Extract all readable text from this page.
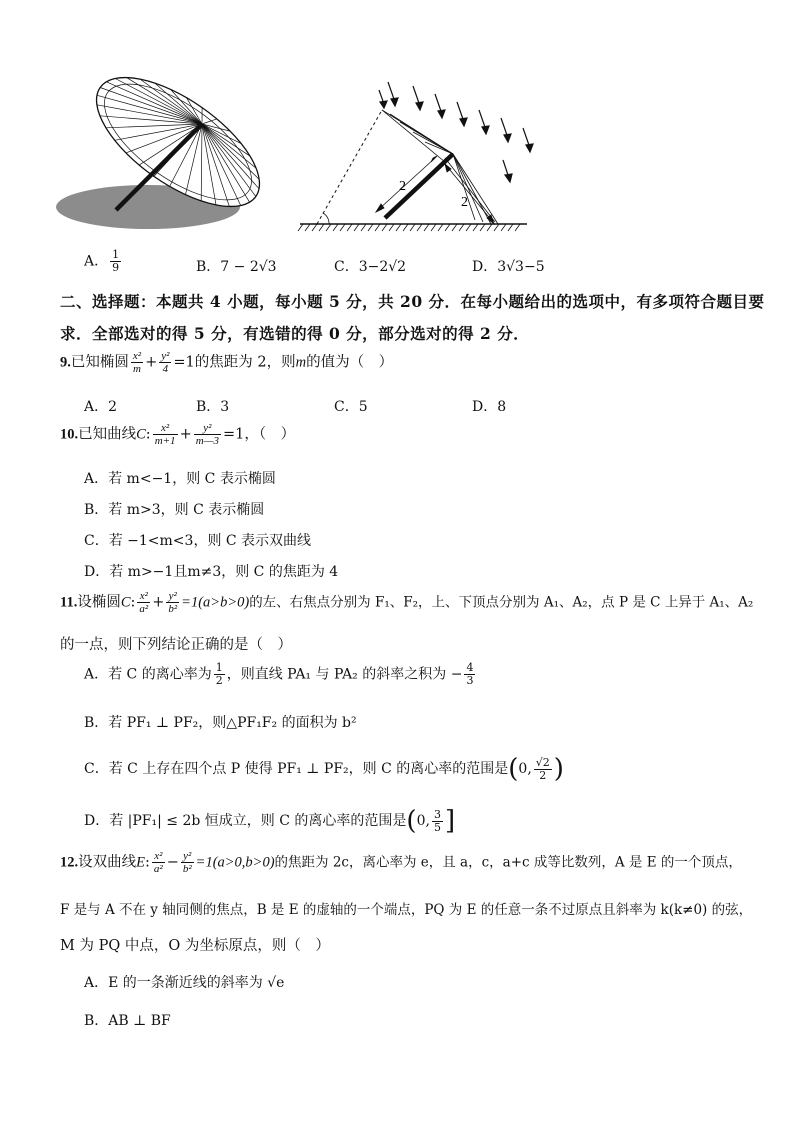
2
2
A． $\frac{1}{9}$	B．7 − 2√3	C．3−2√2	D．3√3−5
二、选择题：本题共 4 小题，每小题 5 分，共 20 分．在每小题给出的选项中，有多项符合题目要
求．全部选对的得 5 分，有选错的得 0 分，部分选对的得 2 分．
9.已知椭圆 $\frac{\text{x²}}{m} + \frac{\text{y²}}{4} =1$的焦距为 2，则m的值为（　）
A．2	B．3	C．5	D．8
10.已知曲线C: $\frac{\text{x²}}{m+1} + \frac{\text{y²}}{m—3} =1$，（　）
A．若 m<−1，则 C 表示椭圆
B．若 m>3，则 C 表示椭圆
C．若 −1<m<3，则 C 表示双曲线
D．若 m>−1且m≠3，则 C 的焦距为 4
11.设椭圆C: $\frac{\text{x²}}{\text{a²}} + \frac{\text{y²}}{\text{b²}} =1(a>b>0)$的左、右焦点分别为 F₁、F₂，上、下顶点分别为 A₁、A₂，点 P 是 C 上异于 A₁、A₂
的一点，则下列结论正确的是（　）
A．若 C 的离心率为 $\frac{1}{2}$ ，则直线 PA₁ 与 PA₂ 的斜率之积为 − $\frac{4}{3}$
B．若 PF₁ ⊥ PF₂，则△PF₁F₂ 的面积为 b²
C．若 C 上存在四个点 P 使得 PF₁ ⊥ PF₂，则 C 的离心率的范围是(0, $\frac{√2}{2}$ )
D．若 |PF₁| ≤ 2b 恒成立，则 C 的离心率的范围是(0, $\frac{3}{5}$ ]
12.设双曲线E: $\frac{\text{x²}}{\text{a²}} - \frac{\text{y²}}{\text{b²}} =1(a>0,b>0)$的焦距为 2c，离心率为 e，且 a，c，a+c 成等比数列，A 是 E 的一个顶点，
F 是与 A 不在 y 轴同侧的焦点，B 是 E 的虚轴的一个端点，PQ 为 E 的任意一条不过原点且斜率为 k(k≠0) 的弦，
M 为 PQ 中点，O 为坐标原点，则（　）
A．E 的一条渐近线的斜率为 √e
B．AB ⊥ BF
